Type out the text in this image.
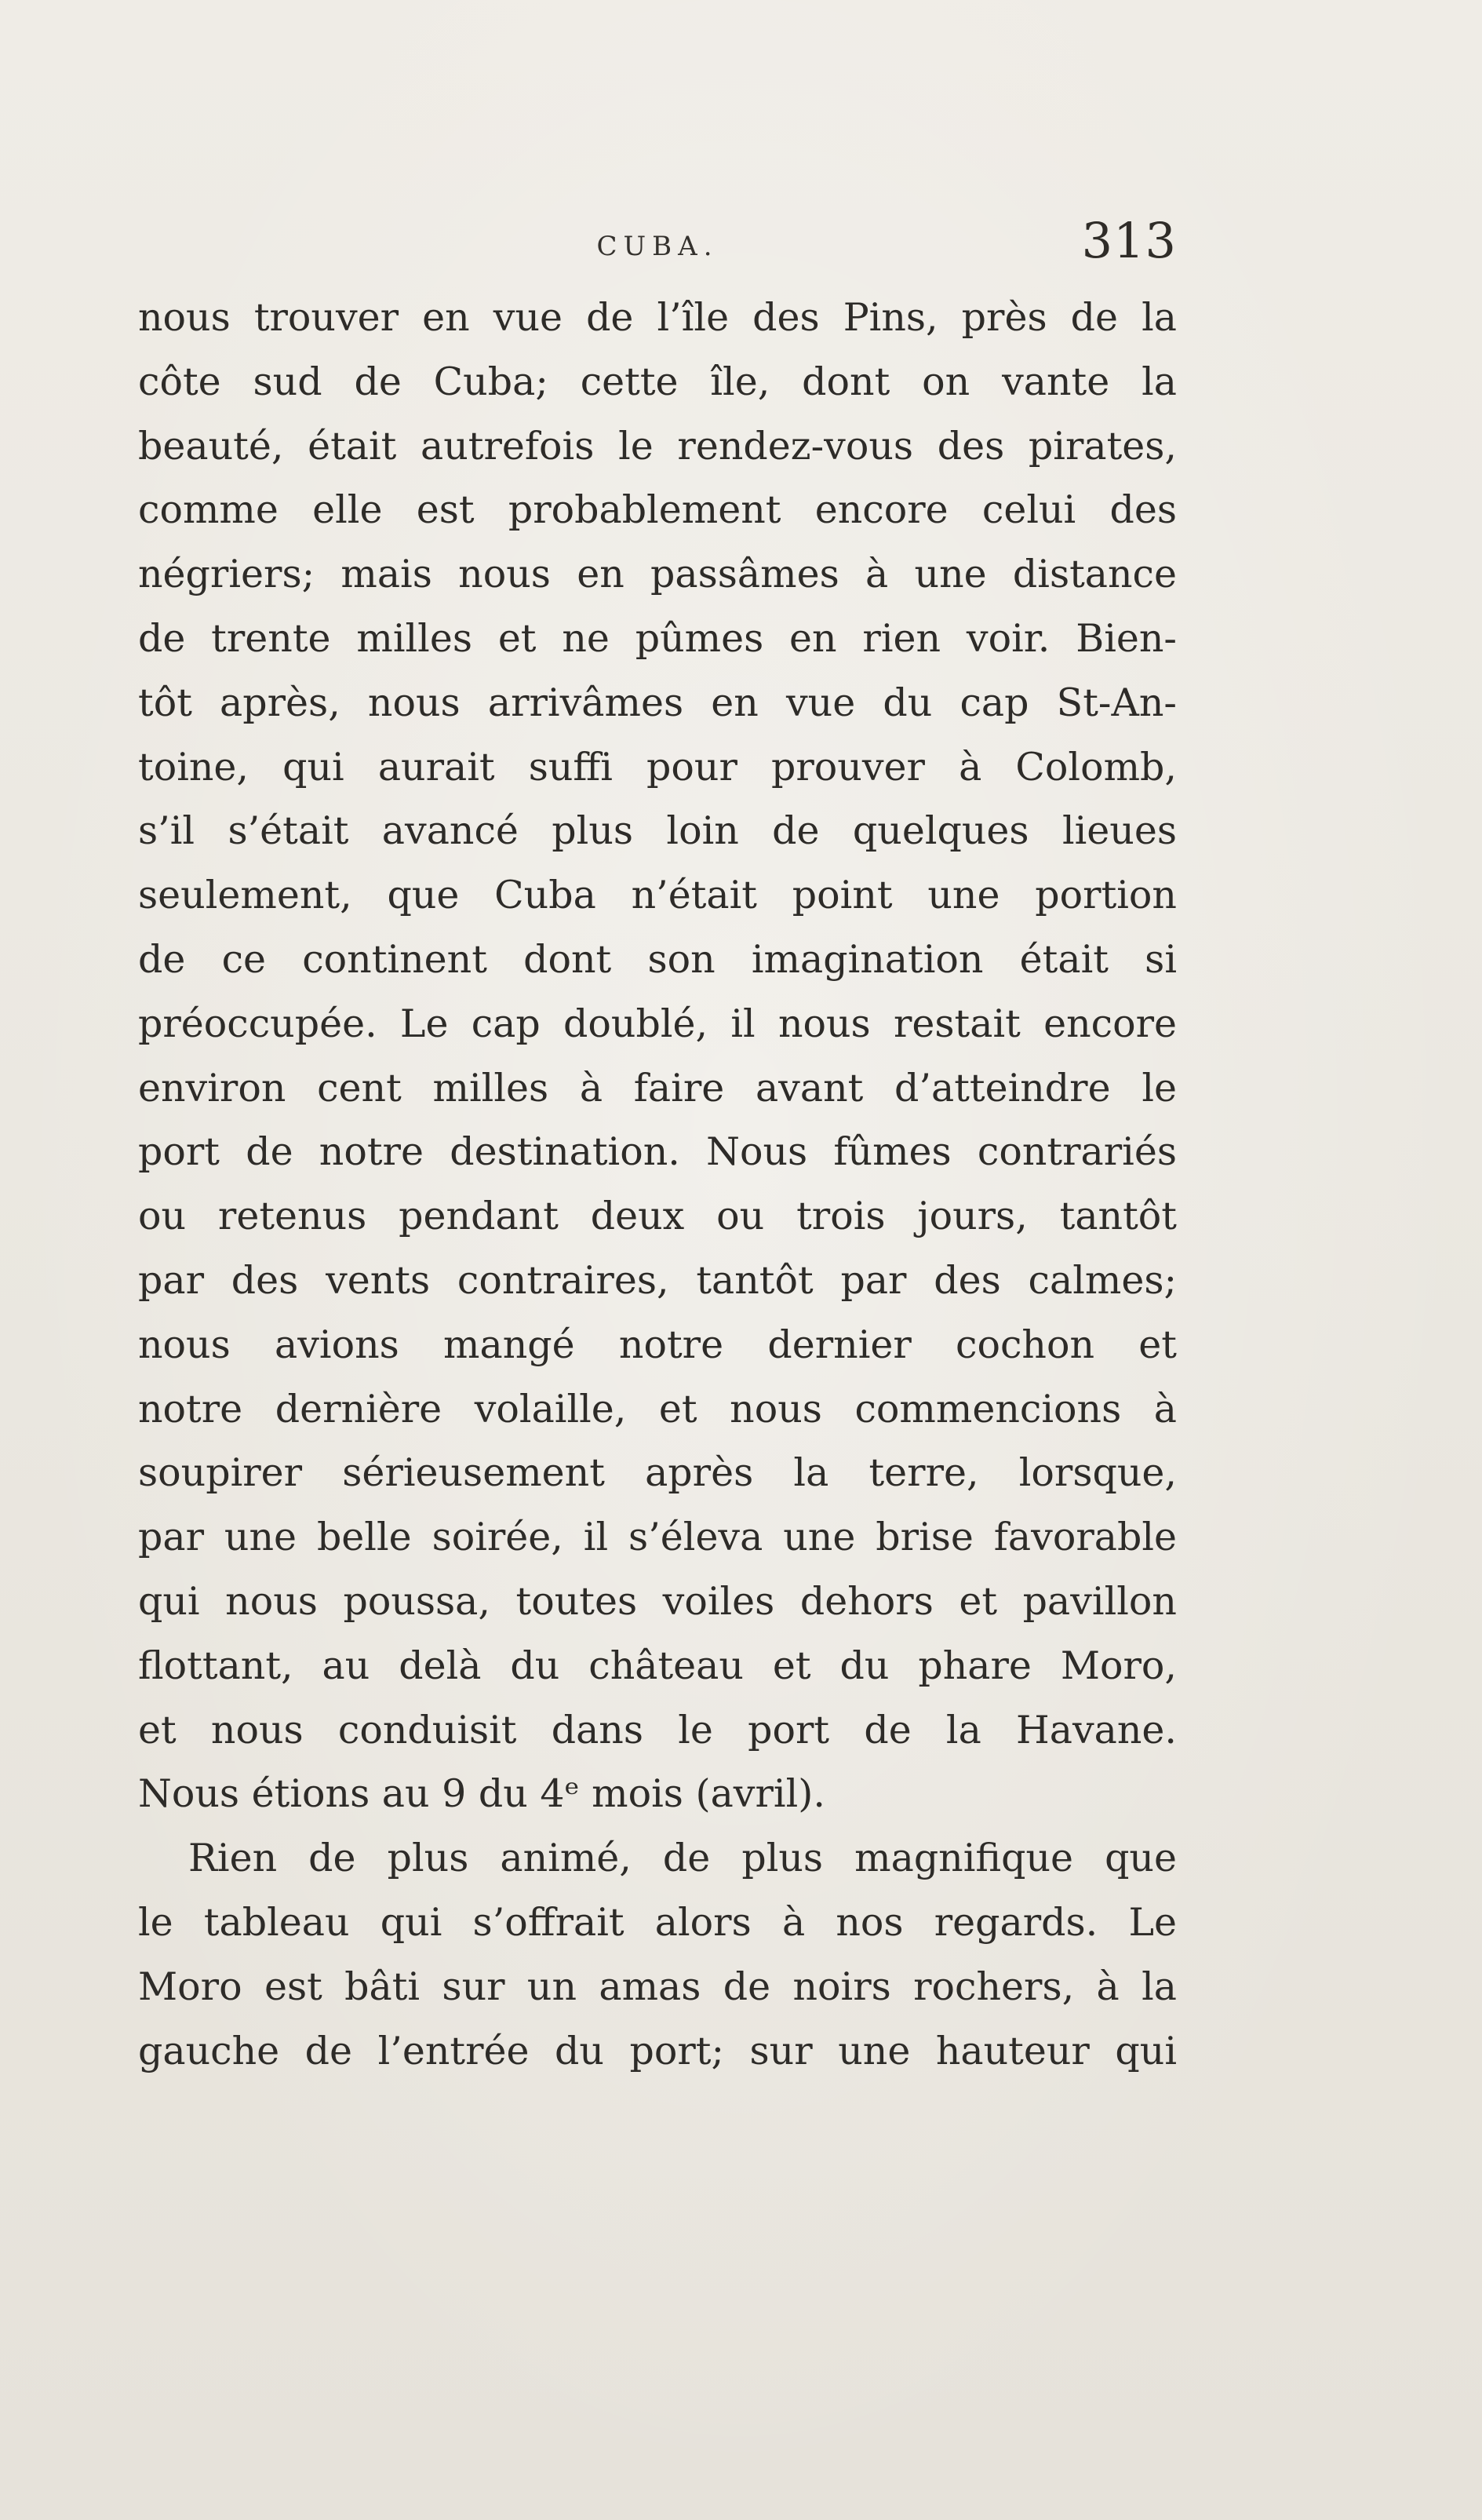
CUBA.	313
nous trouver en vue de l’île des Pins, près de la
côte sud de Cuba; cette île, dont on vante la
beauté, était autrefois le rendez-vous des pirates,
comme elle est probablement encore celui des
négriers; mais nous en passâmes à une distance
de trente milles et ne pûmes en rien voir. Bien-
tôt après, nous arrivâmes en vue du cap St-An-
toine, qui aurait suffi pour prouver à Colomb,
s’il s’était avancé plus loin de quelques lieues
seulement, que Cuba n’était point une portion
de ce continent dont son imagination était si
préoccupée. Le cap doublé, il nous restait encore
environ cent milles à faire avant d’atteindre le
port de notre destination. Nous fûmes contrariés
ou retenus pendant deux ou trois jours, tantôt
par des vents contraires, tantôt par des calmes;
nous avions mangé notre dernier cochon et
notre dernière volaille, et nous commencions à
soupirer sérieusement après la terre, lorsque,
par une belle soirée, il s’éleva une brise favorable
qui nous poussa, toutes voiles dehors et pavillon
flottant, au delà du château et du phare Moro,
et nous conduisit dans le port de la Havane.
Nous étions au 9 du 4ᵉ mois (avril).
Rien de plus animé, de plus magnifique que
le tableau qui s’offrait alors à nos regards. Le
Moro est bâti sur un amas de noirs rochers, à la
gauche de l’entrée du port; sur une hauteur qui
